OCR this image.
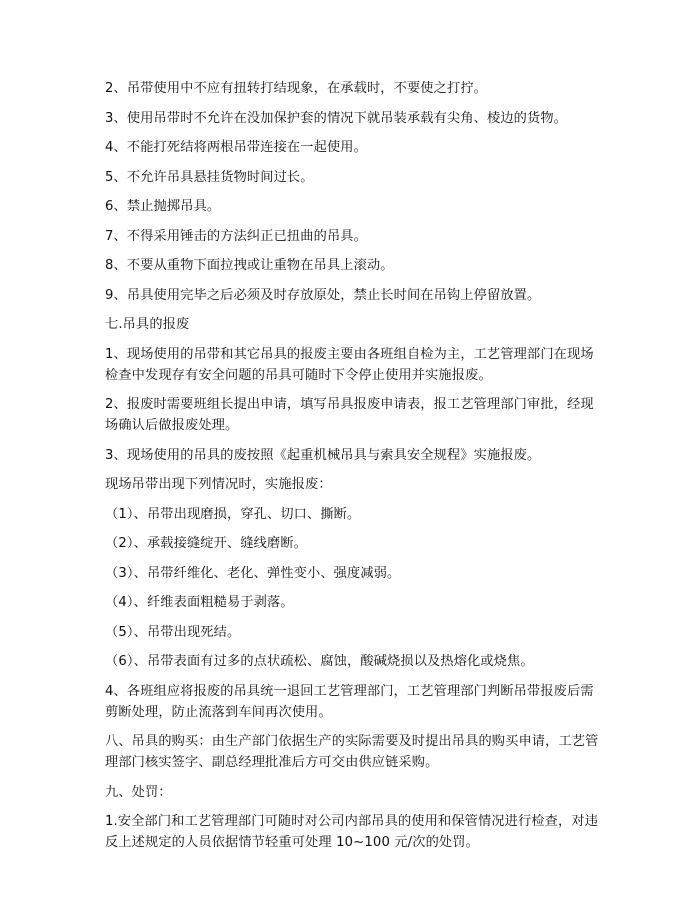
2、吊带使用中不应有扭转打结现象，在承载时，不要使之打拧。

3、使用吊带时不允许在没加保护套的情况下就吊装承载有尖角、棱边的货物。

4、不能打死结将两根吊带连接在一起使用。

5、不允许吊具悬挂货物时间过长。

6、禁止抛掷吊具。

7、不得采用锤击的方法纠正已扭曲的吊具。

8、不要从重物下面拉拽或让重物在吊具上滚动。

9、吊具使用完毕之后必须及时存放原处，禁止长时间在吊钩上停留放置。

七.吊具的报废

1、现场使用的吊带和其它吊具的报废主要由各班组自检为主，工艺管理部门在现场检查中发现存有安全问题的吊具可随时下令停止使用并实施报废。

2、报废时需要班组长提出申请，填写吊具报废申请表，报工艺管理部门审批，经现场确认后做报废处理。

3、现场使用的吊具的废按照《起重机械吊具与索具安全规程》实施报废。

现场吊带出现下列情况时，实施报废：

（1）、吊带出现磨损，穿孔、切口、撕断。

（2）、承载接缝绽开、缝线磨断。

（3）、吊带纤维化、老化、弹性变小、强度减弱。

（4）、纤维表面粗糙易于剥落。

（5）、吊带出现死结。

（6）、吊带表面有过多的点状疏松、腐蚀，酸碱烧损以及热熔化或烧焦。

4、各班组应将报废的吊具统一退回工艺管理部门，工艺管理部门判断吊带报废后需剪断处理，防止流落到车间再次使用。

八、吊具的购买：由生产部门依据生产的实际需要及时提出吊具的购买申请，工艺管理部门核实签字、副总经理批准后方可交由供应链采购。

九、处罚：

1.安全部门和工艺管理部门可随时对公司内部吊具的使用和保管情况进行检查，对违反上述规定的人员依据情节轻重可处理 10~100 元/次的处罚。
